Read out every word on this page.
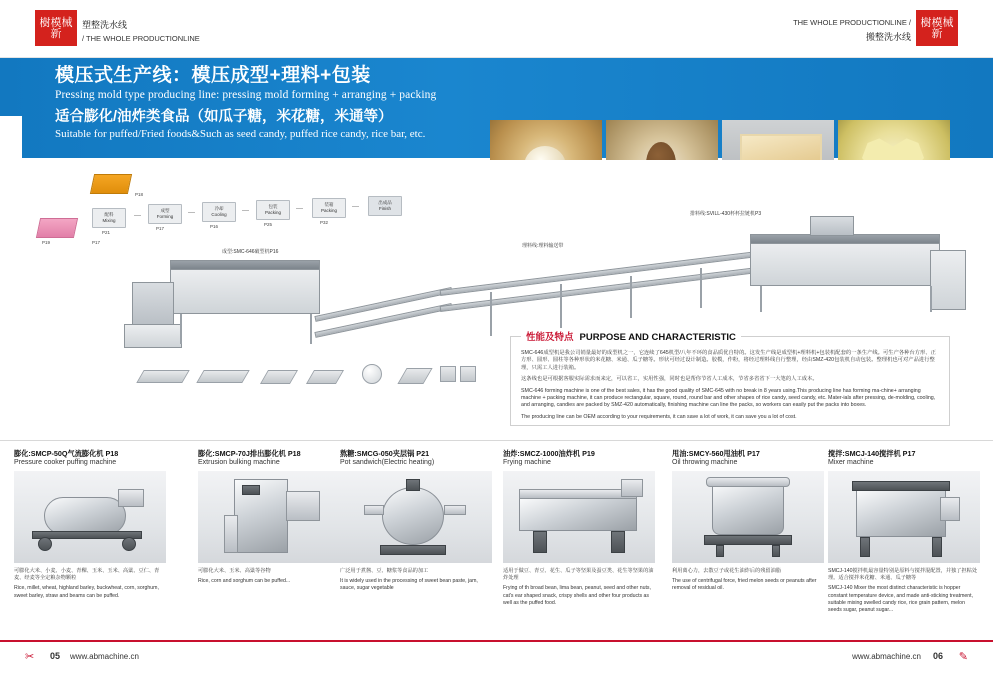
樹模械新
塑整洗水线
/ THE WHOLE PRODUCTIONLINE
樹模械新
THE WHOLE PRODUCTIONLINE /
搬整洗水线
模压式生产线：模压成型+理料+包装
Pressing mold type producing line: pressing mold forming + arranging + packing
适合膨化/油炸类食品（如瓜子糖，米花糖，米通等）
Suitable for puffed/Fried foods&Such as seed candy, puffed rice candy, rice bar, etc.
P18
P19	P17
配料
Mixing
P21
成型
Forming
P17
冷却
Cooling
P16
包装
Packing
P25
装箱
Packing
P32
出成品
Finish
—	—	—	—	—
成型:SMC-646破型机P16
理料线:理料输送带
排料线:SVILL-430杯杯拉链机P3
性能及特点 PURPOSE AND CHARACTERISTIC

SMC-646成型机是我公司销量最好的成型机之一，它连续了645机型/八年不环的食品质优自特的。这发生产线是成型机+理料机+包装机配套的一条生产线。可生产各种台方形、正方形、圆形、圆柱等各种形状的米花糖、米通、瓜子糖等。形状可经过设计制造。胶模，作粉，将经过理料线自行整理，经由SMZ-420包装机自动包装。整理机也可对产品进行整理，只需工人进行装箱。

这条线也是可根据客服实际需求而来定，可以省工，实用性强，同时也是帮你节省人工成本，节省多省省下一大笔的人工成本。

SMC-646 forming machine is one of the best sales, it has the good quality of SMC-645 with no break in 8 years using.This producing line has forming ma-chine+ arranging machine + packing machine, it can produce rectangular, square, round, round bar and other shapes of rice candy, seed candy, etc. Mater-ials after pressing, de-molding, cooling, and arranging, candies are packed by SMZ-420 automatically, finishing machine can line the packs, so workers can easily put the packs into boxes.

The producing line can be OEM according to your requirements, it can save a lot of work, it can save you a lot of cost.

膨化:SMCP-50Q气流膨化机 P18
Pressure cooker puffing machine
可膨化大米、小麦、小麦、青稞、玉米、玉米、高粱、豆仁、青麦、经麦等全定粮杂物颗粒
Rice, millet, wheat, highland barley, buckwheat, corn, sorghum, sweet barley, straw and beams can be puffed.
膨化:SMCP-70J排出膨化机 P18
Extrusion bulking machine
可膨化大米、玉米、高粱等谷物
Rice, corn and sorghum can be puffed...
熬糖:SMCG-050夹层锅 P21
Pot sandwich(Electric heating)
广泛用于煮酱、豆、糖浆等食品的加工
It is widely used in the processing of sweet bean paste, jam, sauce, sugar vegetable
油炸:SMCZ-1000油炸机 P19
Frying machine
适用于做豆、青豆、花生、瓜子等坚果及蚕豆类、花生等坚果的油炸处理
Frying of th broad bean, lima bean, peanut, seed and other nuts, cat's ear shaped snack, crispy shells and other four products as well as the puffed food.
甩油:SMCY-560甩油机 P17
Oil throwing machine
利用离心力，去散豆子或花生油炸后的残留油脂
The use of centrifugal force, fried melon seeds or peanuts after removal of residual oil.
搅拌:SMCJ-140搅拌机 P17
Mixer machine
SMCJ-140搅拌机最容量特别是原料与搅拌混配置，并独了担粘处理。适合搅拌米花糖、米通、瓜子糖等
SMCJ-140 Mixer the most distinct characteristic is hopper constant temperature device, and made anti-sticking treatment, suitable mixing swelled candy rice, rice grain pattern, melon seeds sugar, peanut sugar...
✂ 05 www.abmachine.cn	www.abmachine.cn 06 ✎
